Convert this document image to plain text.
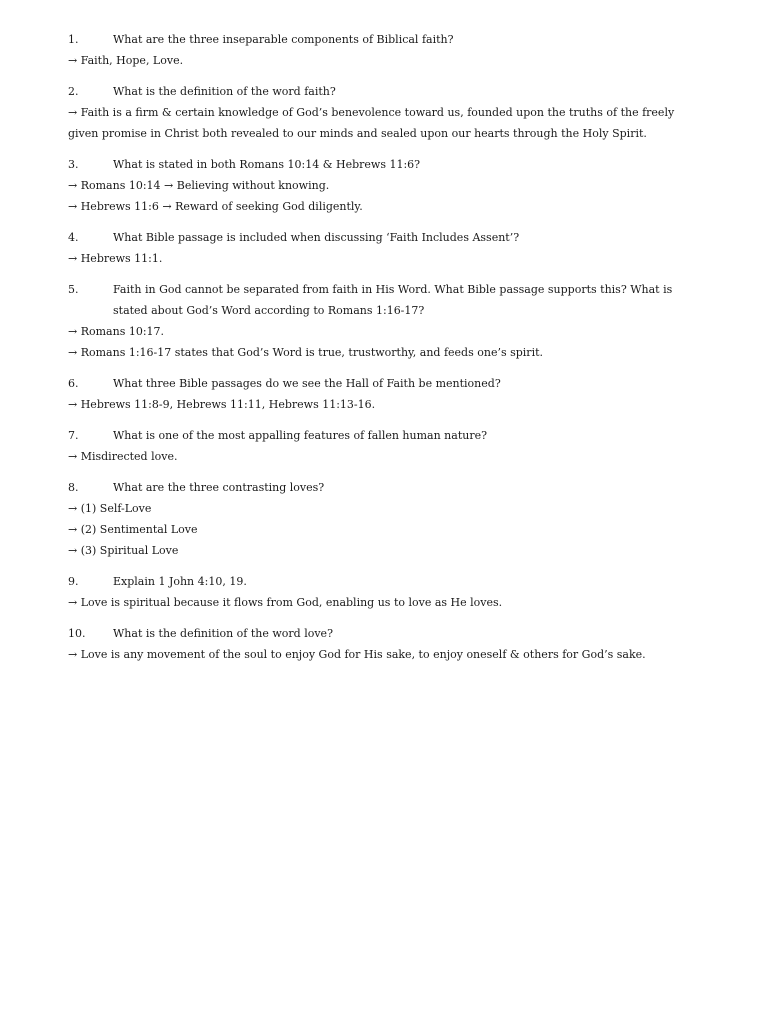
1.	What are the three inseparable components of Biblical faith?
→ Faith, Hope, Love.
2.	What is the definition of the word faith?
→ Faith is a firm & certain knowledge of God’s benevolence toward us, founded upon the truths of the freely given promise in Christ both revealed to our minds and sealed upon our hearts through the Holy Spirit.
3.	What is stated in both Romans 10:14 & Hebrews 11:6?
→ Romans 10:14 → Believing without knowing.
→ Hebrews 11:6 → Reward of seeking God diligently.
4.	What Bible passage is included when discussing ‘Faith Includes Assent’?
→ Hebrews 11:1.
5.	Faith in God cannot be separated from faith in His Word. What Bible passage supports this? What is stated about God’s Word according to Romans 1:16-17?
→ Romans 10:17.
→ Romans 1:16-17 states that God’s Word is true, trustworthy, and feeds one’s spirit.
6.	What three Bible passages do we see the Hall of Faith be mentioned?
→ Hebrews 11:8-9, Hebrews 11:11, Hebrews 11:13-16.
7.	What is one of the most appalling features of fallen human nature?
→ Misdirected love.
8.	What are the three contrasting loves?
→ (1) Self-Love
→ (2) Sentimental Love
→ (3) Spiritual Love
9.	Explain 1 John 4:10, 19.
→ Love is spiritual because it flows from God, enabling us to love as He loves.
10.	What is the definition of the word love?
→ Love is any movement of the soul to enjoy God for His sake, to enjoy oneself & others for God’s sake.
